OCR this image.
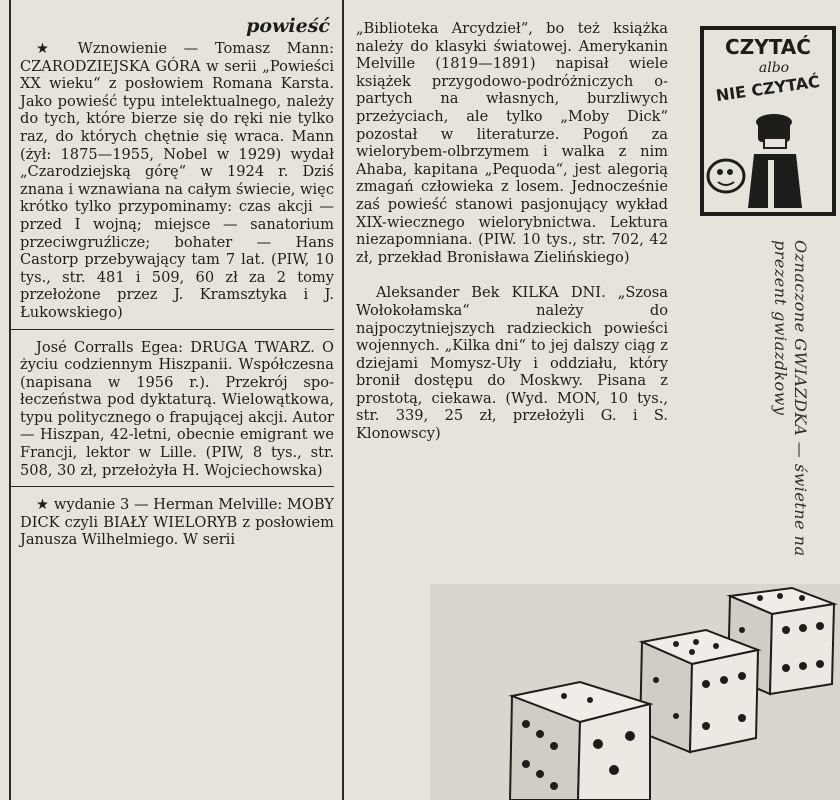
powieść

★ Wznowienie — Tomasz Mann: CZARODZIEJSKA GÓRA w serii „Powieści XX wieku“ z posłowiem Romana Karsta. Jako powieść typu intelektualnego, należy do tych, które bierze się do ręki nie tylko raz, do których chętnie się wraca. Mann (żył: 1875—1955, Nobel w 1929) wydał „Czarodziejską górę“ w 1924 r. Dziś znana i wznawiana na całym świecie, więc krótko tylko przypominamy: czas akcji — przed I wojną; miejsce — sanatorium przeciwgruźlicze; bohater — Hans Castorp przebywający tam 7 lat. (PIW, 10 tys., str. 481 i 509, 60 zł za 2 tomy przełożone przez J. Kramsztyka i J. Łukowskiego)

José Corralls Egea: DRUGA TWARZ. O życiu codziennym Hiszpanii. Współczesna (napisana w 1956 r.). Przekrój społeczeństwa pod dyktaturą. Wielowątkowa, typu politycznego o frapującej akcji. Autor — Hiszpan, 42-letni, obecnie emigrant we Francji, lektor w Lille. (PIW, 8 tys., str. 508, 30 zł, przełożyła H. Wojciechowska)

★ wydanie 3 — Herman Melville: MOBY DICK czyli BIAŁY WIELORYB z posłowiem Janusza Wilhelmiego. W serii

„Biblioteka Arcydzieł“, bo też książka należy do klasyki światowej. Amerykanin Melville (1819—1891) napisał wiele książek przygodowo-podróżniczych opartych na własnych, burzliwych przeżyciach, ale tylko „Moby Dick“ pozostał w literaturze. Pogoń za wielorybem-olbrzymem i walka z nim Ahaba, kapitana „Pequoda“, jest alegorią zmagań człowieka z losem. Jednocześnie zaś powieść stanowi pasjonujący wykład XIX-wiecznego wielorybnictwa. Lektura niezapomniana. (PIW. 10 tys., str. 702, 42 zł, przekład Bronisława Zielińskiego)

Aleksander Bek KILKA DNI. „Szosa Wołokołamska“ należy do najpoczytniejszych radzieckich powieści wojennych. „Kilka dni“ to jej dalszy ciąg z dziejami Momysz-Uły i oddziału, który bronił dostępu do Moskwy. Pisana z prostotą, ciekawa. (Wyd. MON, 10 tys., str. 339, 25 zł, przełożyli G. i S. Klonowscy)

CZYTAĆ
albo
NIE CZYTAĆ
Oznaczone GWIAZDKA — świetne na prezent gwiazdkowy
